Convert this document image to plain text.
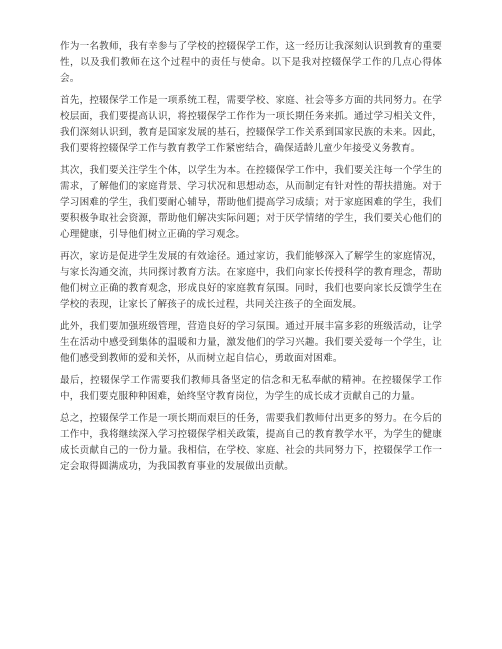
作为一名教师，我有幸参与了学校的控辍保学工作，这一经历让我深刻认识到教育的重要性，以及我们教师在这个过程中的责任与使命。以下是我对控辍保学工作的几点心得体会。

首先，控辍保学工作是一项系统工程，需要学校、家庭、社会等多方面的共同努力。在学校层面，我们要提高认识，将控辍保学工作作为一项长期任务来抓。通过学习相关文件，我们深刻认识到，教育是国家发展的基石，控辍保学工作关系到国家民族的未来。因此，我们要将控辍保学工作与教育教学工作紧密结合，确保适龄儿童少年接受义务教育。

其次，我们要关注学生个体，以学生为本。在控辍保学工作中，我们要关注每一个学生的需求，了解他们的家庭背景、学习状况和思想动态，从而制定有针对性的帮扶措施。对于学习困难的学生，我们要耐心辅导，帮助他们提高学习成绩；对于家庭困难的学生，我们要积极争取社会资源，帮助他们解决实际问题；对于厌学情绪的学生，我们要关心他们的心理健康，引导他们树立正确的学习观念。

再次，家访是促进学生发展的有效途径。通过家访，我们能够深入了解学生的家庭情况，与家长沟通交流，共同探讨教育方法。在家庭中，我们向家长传授科学的教育理念，帮助他们树立正确的教育观念，形成良好的家庭教育氛围。同时，我们也要向家长反馈学生在学校的表现，让家长了解孩子的成长过程，共同关注孩子的全面发展。

此外，我们要加强班级管理，营造良好的学习氛围。通过开展丰富多彩的班级活动，让学生在活动中感受到集体的温暖和力量，激发他们的学习兴趣。我们要关爱每一个学生，让他们感受到教师的爱和关怀，从而树立起自信心，勇敢面对困难。

最后，控辍保学工作需要我们教师具备坚定的信念和无私奉献的精神。在控辍保学工作中，我们要克服种种困难，始终坚守教育岗位，为学生的成长成才贡献自己的力量。

总之，控辍保学工作是一项长期而艰巨的任务，需要我们教师付出更多的努力。在今后的工作中，我将继续深入学习控辍保学相关政策，提高自己的教育教学水平，为学生的健康成长贡献自己的一份力量。我相信，在学校、家庭、社会的共同努力下，控辍保学工作一定会取得圆满成功，为我国教育事业的发展做出贡献。
